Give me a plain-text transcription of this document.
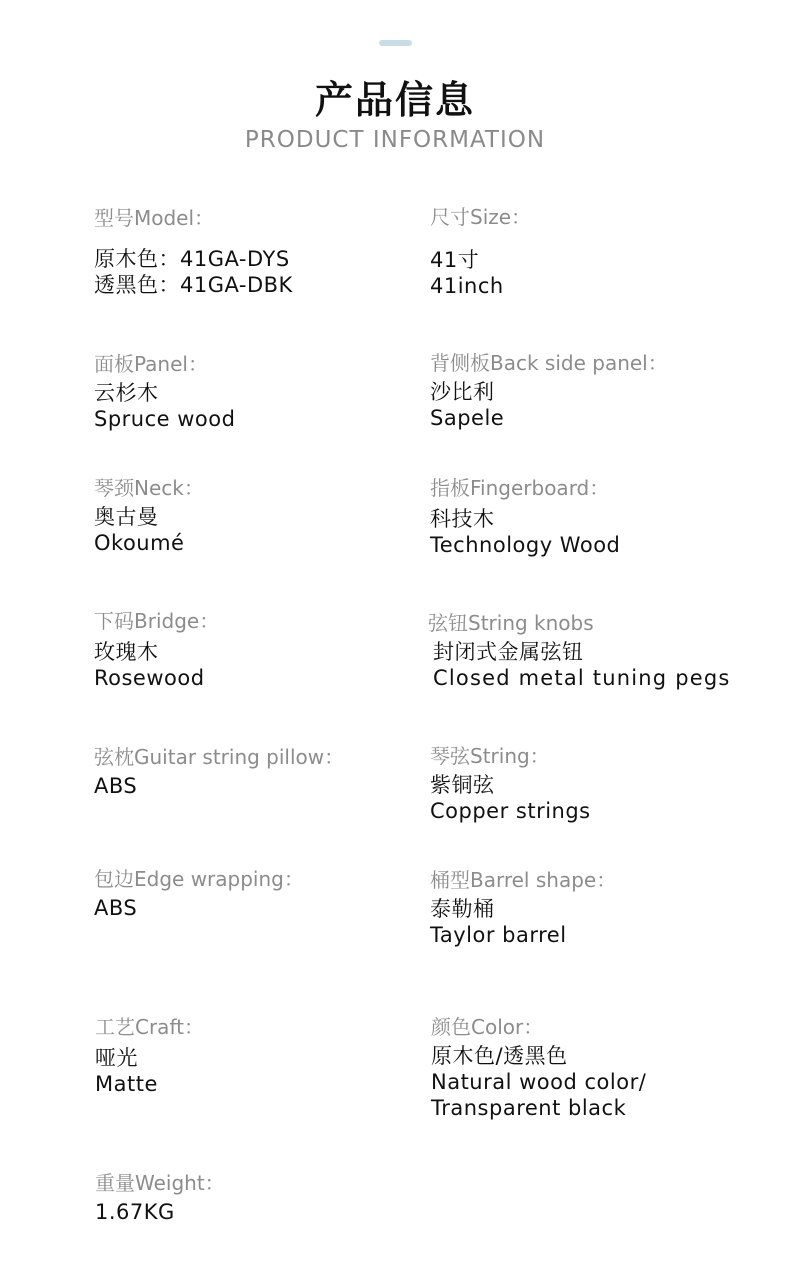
产品信息
PRODUCT INFORMATION
型号Model：
原木色：41GA-DYS
透黑色：41GA-DBK
尺寸Size：
41寸
41inch
面板Panel：
云杉木
Spruce wood
背侧板Back side panel：
沙比利
Sapele
琴颈Neck：
奥古曼
Okoumé
指板Fingerboard：
科技木
Technology Wood
下码Bridge：
玫瑰木
Rosewood
弦钮String knobs
封闭式金属弦钮
Closed metal tuning pegs
弦枕Guitar string pillow：
ABS
琴弦String：
紫铜弦
Copper strings
包边Edge wrapping：
ABS
桶型Barrel shape：
泰勒桶
Taylor barrel
工艺Craft：
哑光
Matte
颜色Color：
原木色/透黑色
Natural wood color/
Transparent black
重量Weight：
1.67KG
